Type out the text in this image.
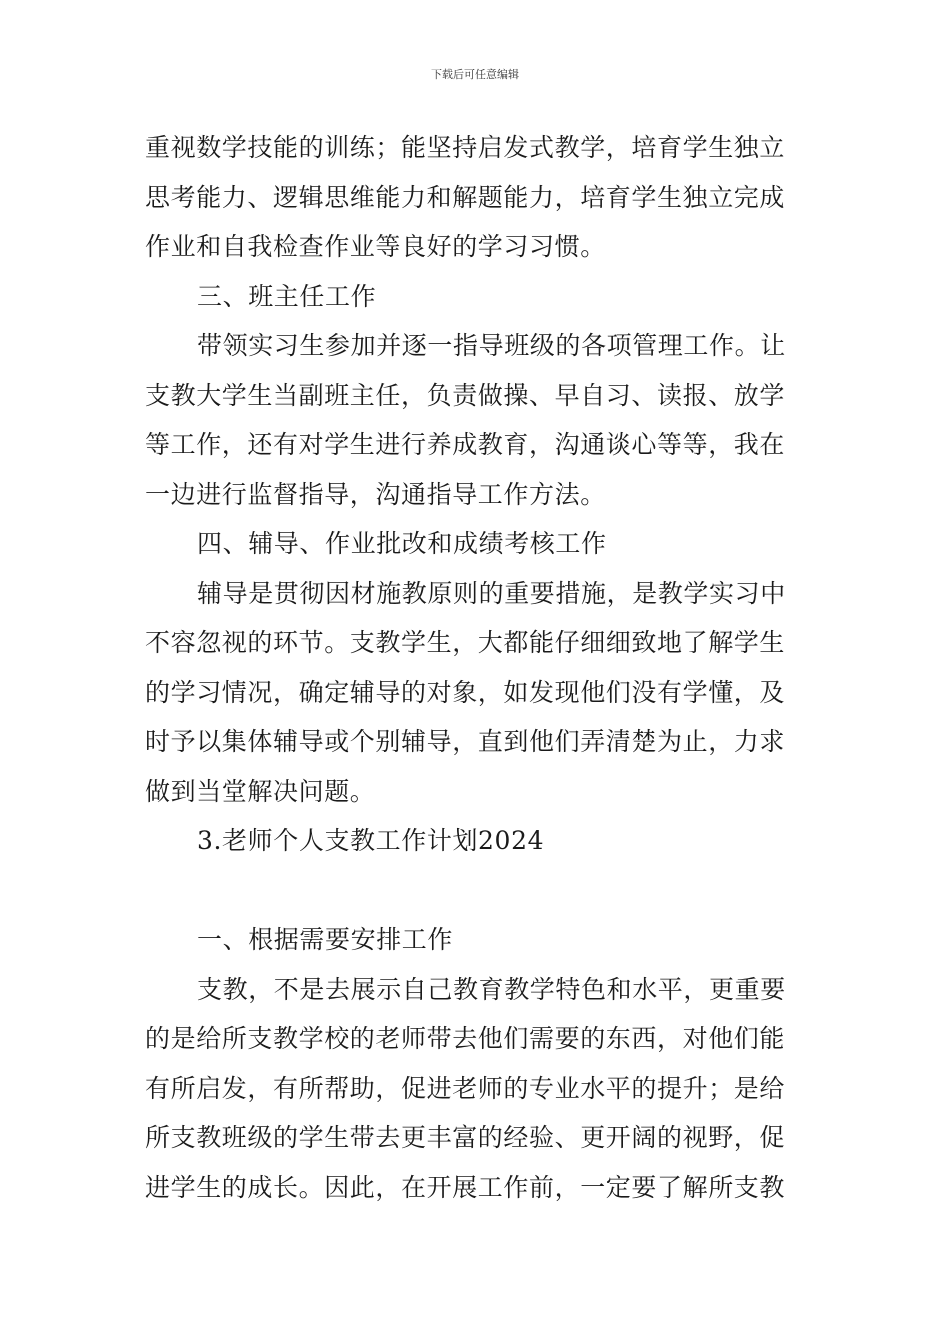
下载后可任意编辑
重视数学技能的训练；能坚持启发式教学，培育学生独立
思考能力、逻辑思维能力和解题能力，培育学生独立完成
作业和自我检查作业等良好的学习习惯。
三、班主任工作
带领实习生参加并逐一指导班级的各项管理工作。让
支教大学生当副班主任，负责做操、早自习、读报、放学
等工作，还有对学生进行养成教育，沟通谈心等等，我在
一边进行监督指导，沟通指导工作方法。
四、辅导、作业批改和成绩考核工作
辅导是贯彻因材施教原则的重要措施，是教学实习中
不容忽视的环节。支教学生，大都能仔细细致地了解学生
的学习情况，确定辅导的对象，如发现他们没有学懂，及
时予以集体辅导或个别辅导，直到他们弄清楚为止，力求
做到当堂解决问题。
3.老师个人支教工作计划2024
一、根据需要安排工作
支教，不是去展示自己教育教学特色和水平，更重要
的是给所支教学校的老师带去他们需要的东西，对他们能
有所启发，有所帮助，促进老师的专业水平的提升；是给
所支教班级的学生带去更丰富的经验、更开阔的视野，促
进学生的成长。因此，在开展工作前，一定要了解所支教
